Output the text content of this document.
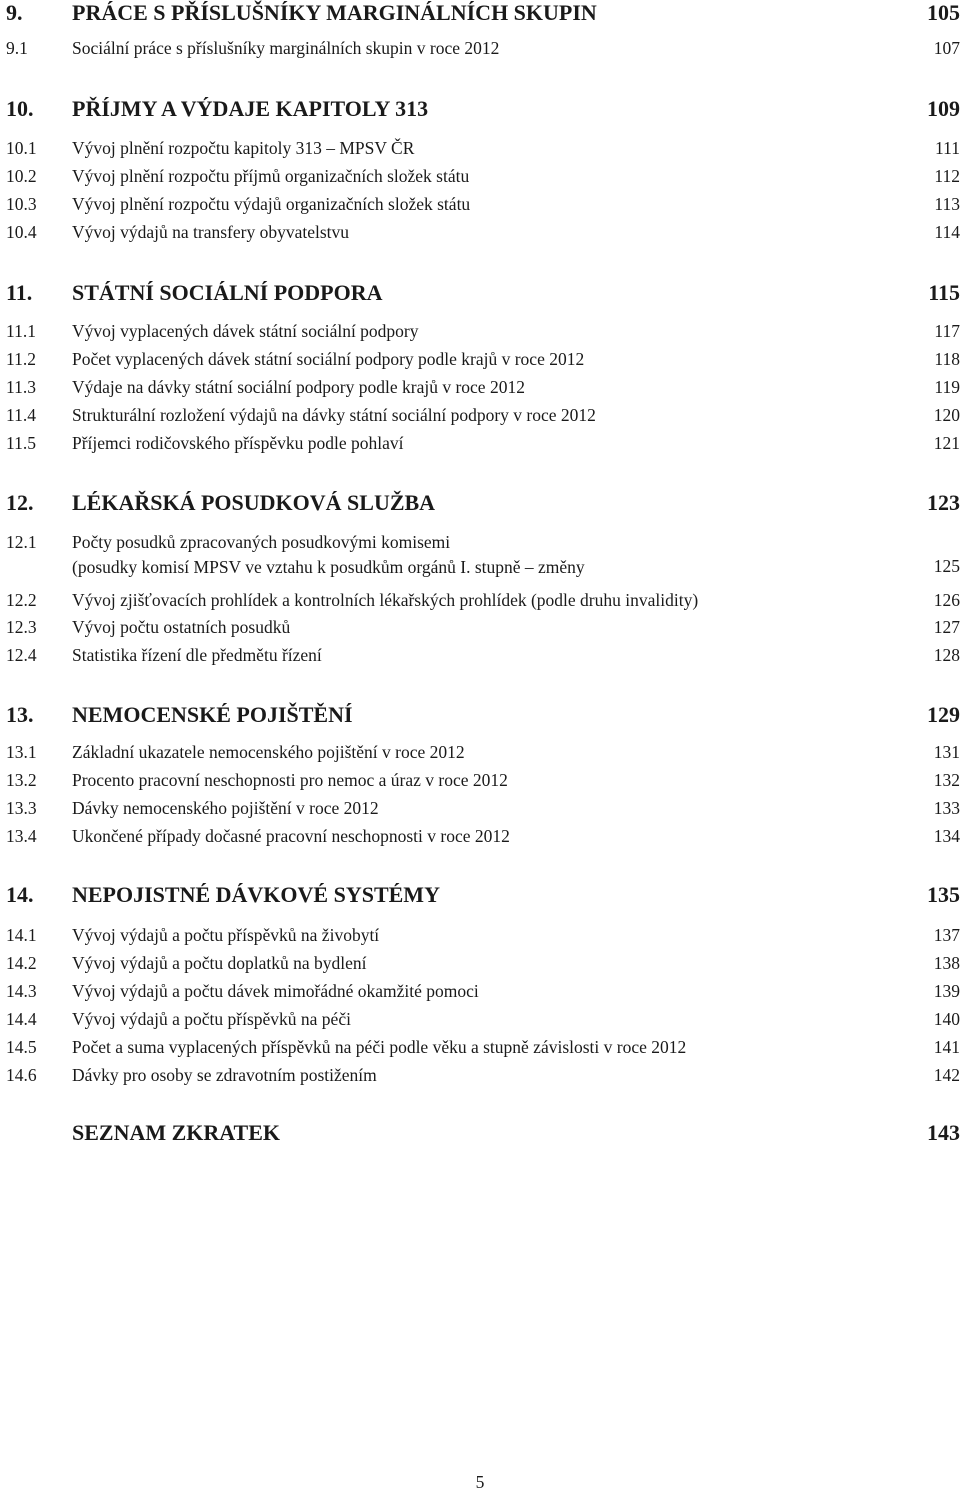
9. PRÁCE S PŘÍSLUŠNÍKY MARGINÁLNÍCH SKUPIN	105
9.1	Sociální práce s příslušníky marginálních skupin v roce 2012	107
10. PŘÍJMY A VÝDAJE KAPITOLY 313	109
10.1 Vývoj plnění rozpočtu kapitoly 313 – MPSV ČR	111
10.2 Vývoj plnění rozpočtu příjmů organizačních složek státu	112
10.3 Vývoj plnění rozpočtu výdajů organizačních složek státu	113
10.4 Vývoj výdajů na transfery obyvatelstvu	114
11. STÁTNÍ SOCIÁLNÍ PODPORA	115
11.1 Vývoj vyplacených dávek státní sociální podpory	117
11.2 Počet vyplacených dávek státní sociální podpory podle krajů v roce 2012	118
11.3 Výdaje na dávky státní sociální podpory podle krajů v roce 2012	119
11.4 Strukturální rozložení výdajů na dávky státní sociální podpory v roce 2012	120
11.5 Příjemci rodičovského příspěvku podle pohlaví	121
12. LÉKAŘSKÁ POSUDKOVÁ SLUŽBA	123
12.1 Počty posudků zpracovaných posudkovými komisemi
(posudky komisí MPSV ve vztahu k posudkům orgánů I. stupně – změny	125
12.2 Vývoj zjišťovacích prohlídek a kontrolních lékařských prohlídek (podle druhu invalidity)	126
12.3 Vývoj počtu ostatních posudků	127
12.4 Statistika řízení dle předmětu řízení	128
13. NEMOCENSKÉ POJIŠTĚNÍ	129
13.1 Základní ukazatele nemocenského pojištění v roce 2012	131
13.2 Procento pracovní neschopnosti pro nemoc a úraz v roce 2012	132
13.3 Dávky nemocenského pojištění v roce 2012	133
13.4 Ukončené případy dočasné pracovní neschopnosti v roce 2012	134
14. NEPOJISTNÉ DÁVKOVÉ SYSTÉMY	135
14.1 Vývoj výdajů a počtu příspěvků na živobytí	137
14.2 Vývoj výdajů a počtu doplatků na bydlení	138
14.3 Vývoj výdajů a počtu dávek mimořádné okamžité pomoci	139
14.4 Vývoj výdajů a počtu příspěvků na péči	140
14.5 Počet a suma vyplacených příspěvků na péči podle věku a stupně závislosti v roce 2012	141
14.6 Dávky pro osoby se zdravotním postižením	142
SEZNAM ZKRATEK	143
5
